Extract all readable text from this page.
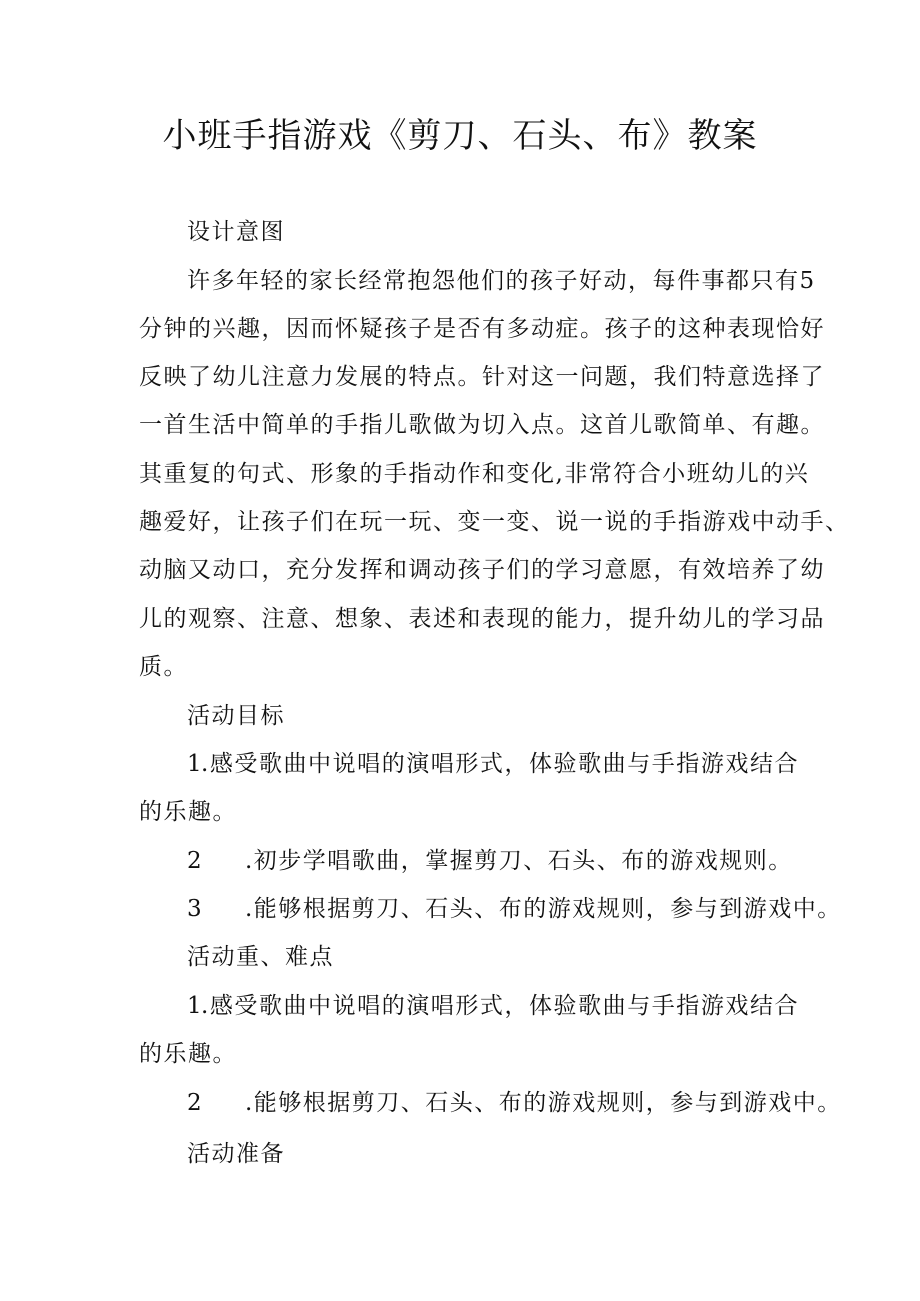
小班手指游戏《剪刀、石头、布》教案
设计意图
许多年轻的家长经常抱怨他们的孩子好动，每件事都只有5
分钟的兴趣，因而怀疑孩子是否有多动症。孩子的这种表现恰好
反映了幼儿注意力发展的特点。针对这一问题，我们特意选择了
一首生活中简单的手指儿歌做为切入点。这首儿歌简单、有趣。
其重复的句式、形象的手指动作和变化,非常符合小班幼儿的兴
趣爱好，让孩子们在玩一玩、变一变、说一说的手指游戏中动手、
动脑又动口，充分发挥和调动孩子们的学习意愿，有效培养了幼
儿的观察、注意、想象、表述和表现的能力，提升幼儿的学习品
质。
活动目标
1.感受歌曲中说唱的演唱形式，体验歌曲与手指游戏结合
的乐趣。
2 .初步学唱歌曲，掌握剪刀、石头、布的游戏规则。
3 .能够根据剪刀、石头、布的游戏规则，参与到游戏中。
活动重、难点
1.感受歌曲中说唱的演唱形式，体验歌曲与手指游戏结合
的乐趣。
2 .能够根据剪刀、石头、布的游戏规则，参与到游戏中。
活动准备
